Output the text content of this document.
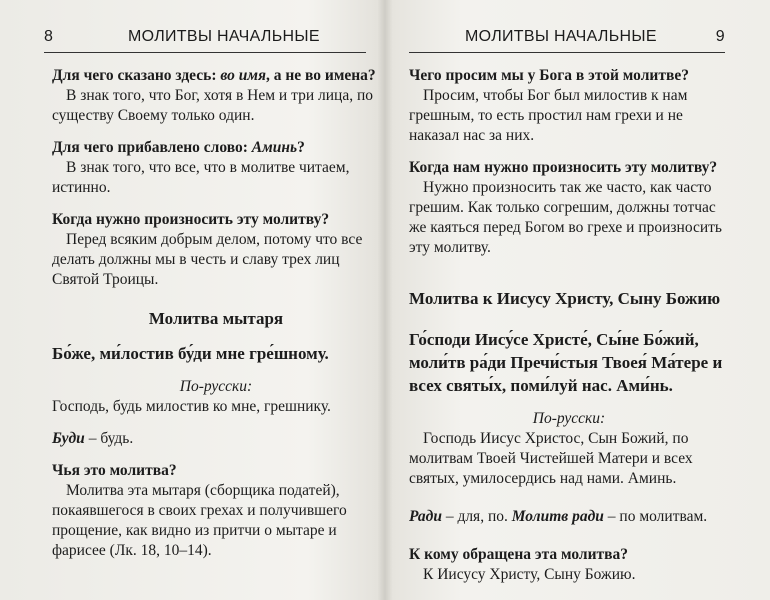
8	МОЛИТВЫ НАЧАЛЬНЫЕ

Для чего сказано здесь: во имя, а не во имена?

В знак того, что Бог, хотя в Нем и три лица, по существу Своему только один.

Для чего прибавлено слово: Аминь?

В знак того, что все, что в молитве читаем, истинно.

Когда нужно произносить эту молитву?

Перед всяким добрым делом, потому что все делать должны мы в честь и славу трех лиц Святой Троицы.

Молитва мытаря

Бо́же, ми́лостив бу́ди мне гре́шному.

По-русски:

Господь, будь милостив ко мне, грешнику.

Буди – будь.

Чья это молитва?

Молитва эта мытаря (сборщика податей), покаявшегося в своих грехах и получившего прощение, как видно из притчи о мытаре и фарисее (Лк. 18, 10–14).

МОЛИТВЫ НАЧАЛЬНЫЕ	9

Чего просим мы у Бога в этой молитве?

Просим, чтобы Бог был милостив к нам грешным, то есть простил нам грехи и не наказал нас за них.

Когда нам нужно произносить эту молитву?

Нужно произносить так же часто, как часто грешим. Как только согрешим, должны тотчас же каяться перед Богом во грехе и произносить эту молитву.

Молитва к Иисусу Христу, Сыну Божию

Го́споди Иису́се Христе́, Сы́не Бо́жий, моли́тв ра́ди Пречи́стыя Твоея́ Ма́тере и всех святы́х, поми́луй нас. Ами́нь.

По-русски:

Господь Иисус Христос, Сын Божий, по молитвам Твоей Чистейшей Матери и всех святых, умилосердись над нами. Аминь.

Ради – для, по. Молитв ради – по молитвам.

К кому обращена эта молитва?

К Иисусу Христу, Сыну Божию.
